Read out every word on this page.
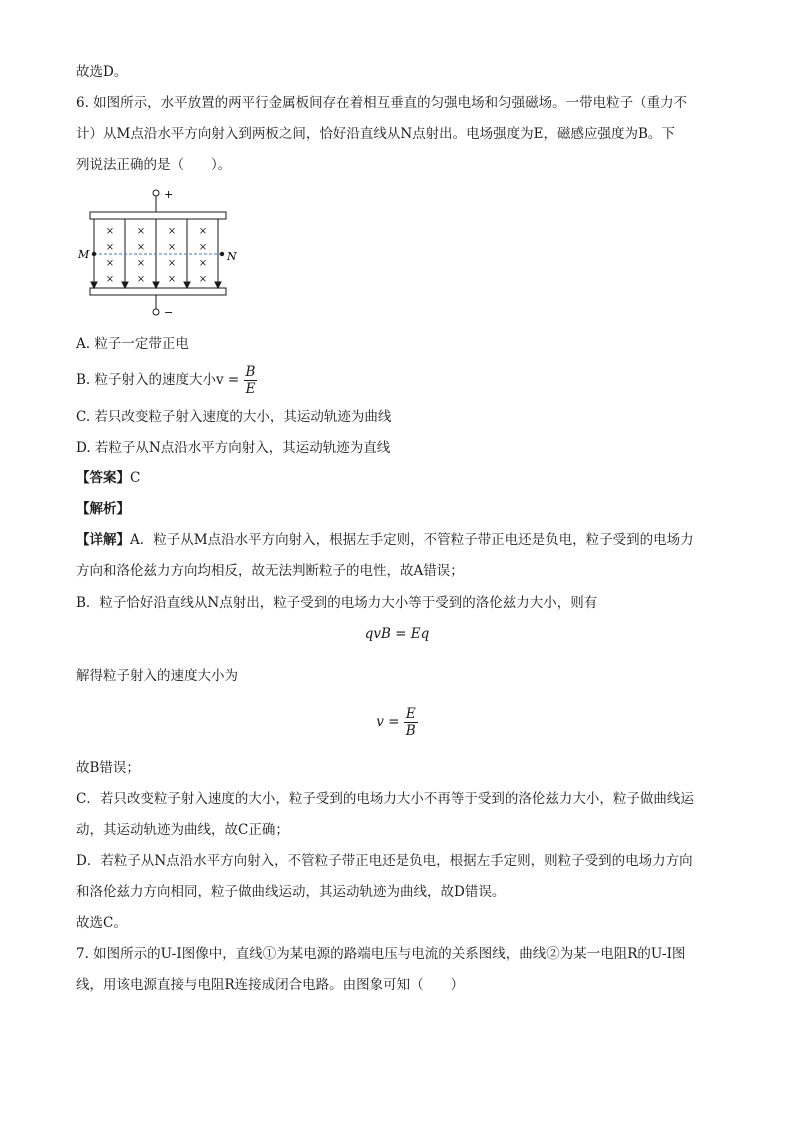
故选D。
6. 如图所示，水平放置的两平行金属板间存在着相互垂直的匀强电场和匀强磁场。一带电粒子（重力不
计）从M点沿水平方向射入到两板之间，恰好沿直线从N点射出。电场强度为E，磁感应强度为B。下
列说法正确的是（　　）。
+
−
× × × ×
× × × ×
× × × ×
× × × ×
M	N
A. 粒子一定带正电
B. 粒子射入的速度大小$v = \frac{B}{E}$
C. 若只改变粒子射入速度的大小，其运动轨迹为曲线
D. 若粒子从N点沿水平方向射入，其运动轨迹为直线
【答案】C
【解析】
【详解】A．粒子从M点沿水平方向射入，根据左手定则，不管粒子带正电还是负电，粒子受到的电场力
方向和洛伦兹力方向均相反，故无法判断粒子的电性，故A错误；
B．粒子恰好沿直线从N点射出，粒子受到的电场力大小等于受到的洛伦兹力大小，则有
qvB = Eq
解得粒子射入的速度大小为
$v = \frac{E}{B}$
故B错误；
C．若只改变粒子射入速度的大小，粒子受到的电场力大小不再等于受到的洛伦兹力大小，粒子做曲线运
动，其运动轨迹为曲线，故C正确；
D．若粒子从N点沿水平方向射入，不管粒子带正电还是负电，根据左手定则，则粒子受到的电场力方向
和洛伦兹力方向相同，粒子做曲线运动，其运动轨迹为曲线，故D错误。
故选C。
7. 如图所示的U-I图像中，直线①为某电源的路端电压与电流的关系图线，曲线②为某一电阻R的U-I图
线，用该电源直接与电阻R连接成闭合电路。由图象可知（　　）
